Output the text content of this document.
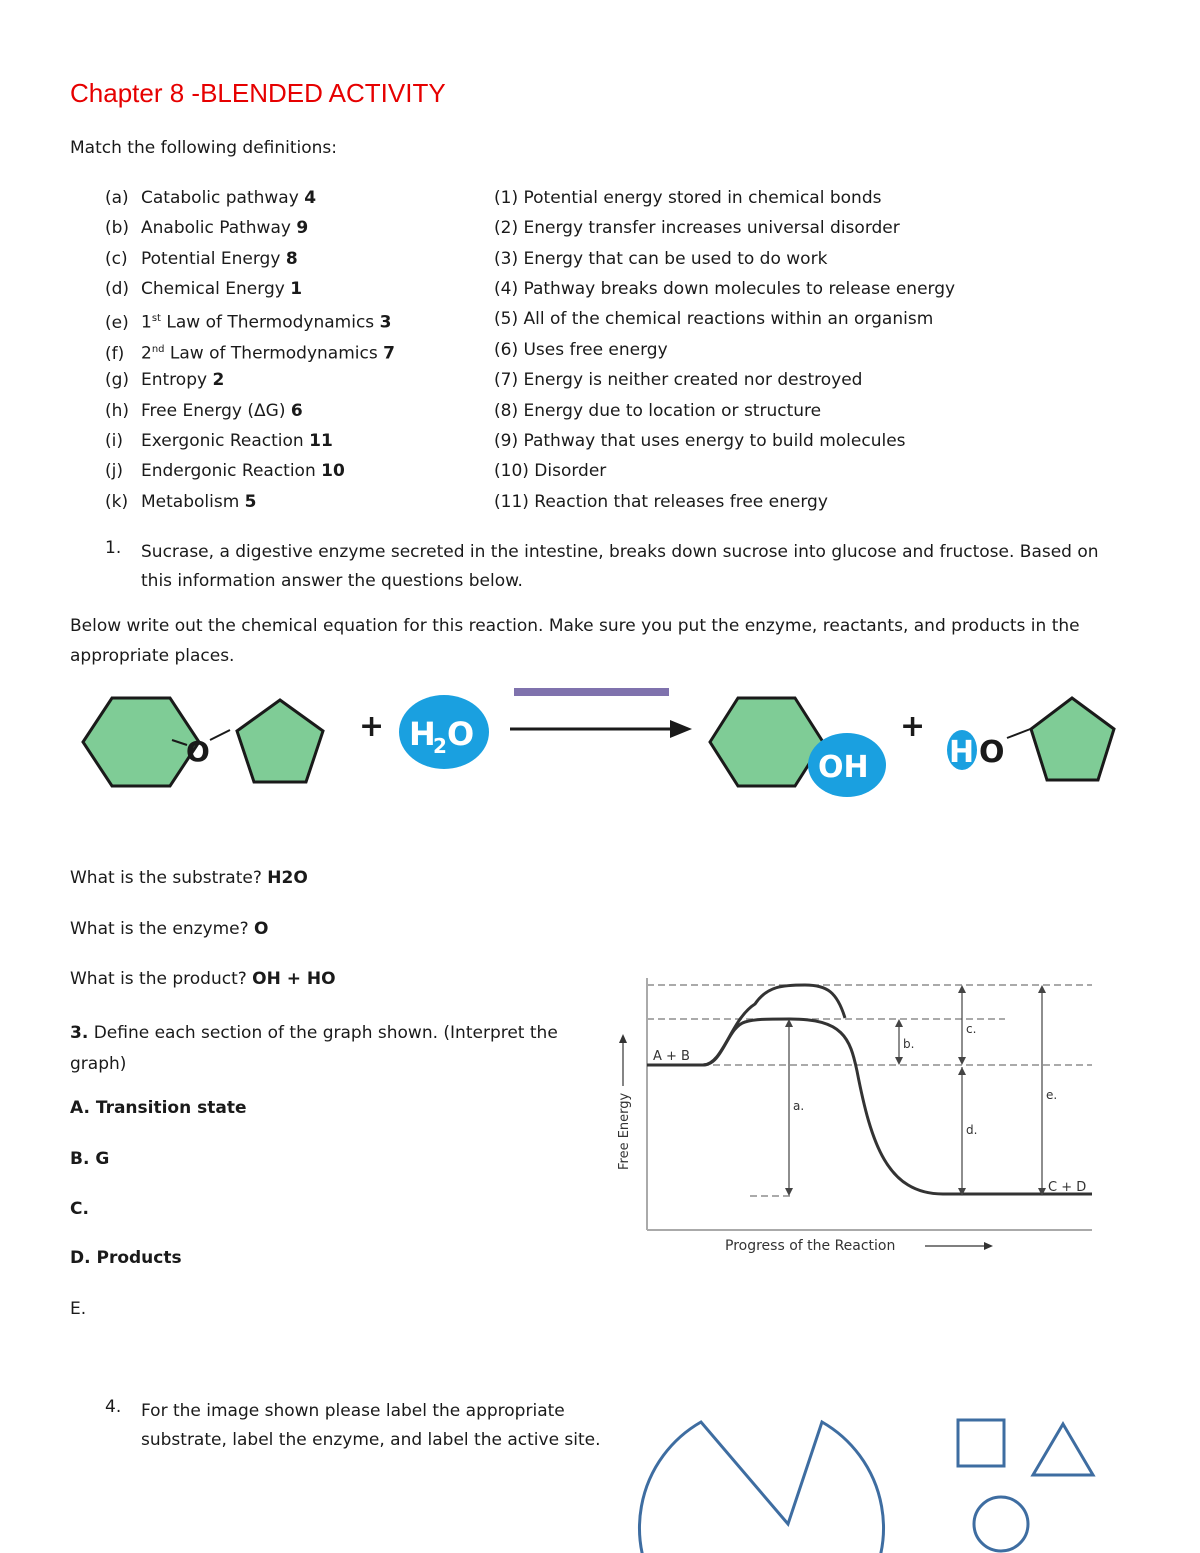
Chapter 8 -BLENDED ACTIVITY
Match the following definitions:
(a) Catabolic pathway 4
(b) Anabolic Pathway 9
(c) Potential Energy 8
(d) Chemical Energy 1
(e) 1st Law of Thermodynamics 3
(f) 2nd Law of Thermodynamics 7
(g) Entropy 2
(h) Free Energy (ΔG) 6
(i) Exergonic Reaction 11
(j) Endergonic Reaction 10
(k) Metabolism 5
(1) Potential energy stored in chemical bonds
(2) Energy transfer increases universal disorder
(3) Energy that can be used to do work
(4) Pathway breaks down molecules to release energy
(5) All of the chemical reactions within an organism
(6) Uses free energy
(7) Energy is neither created nor destroyed
(8) Energy due to location or structure
(9) Pathway that uses energy to build molecules
(10) Disorder
(11) Reaction that releases free energy
1. Sucrase, a digestive enzyme secreted in the intestine, breaks down sucrose into glucose and fructose. Based on this information answer the questions below.
Below write out the chemical equation for this reaction. Make sure you put the enzyme, reactants, and products in the appropriate places.
O
+ H
2 O
OH
+
H O
What is the substrate? H2O
What is the enzyme? O
What is the product? OH + HO
3. Define each section of the graph shown. (Interpret the graph)
A. Transition state
B. G
C.
D. Products
E.
A + B
C + D
a.
b.
c.
d.
e.
Free Energy
Progress of the Reaction
4. For the image shown please label the appropriate substrate, label the enzyme, and label the active site.
